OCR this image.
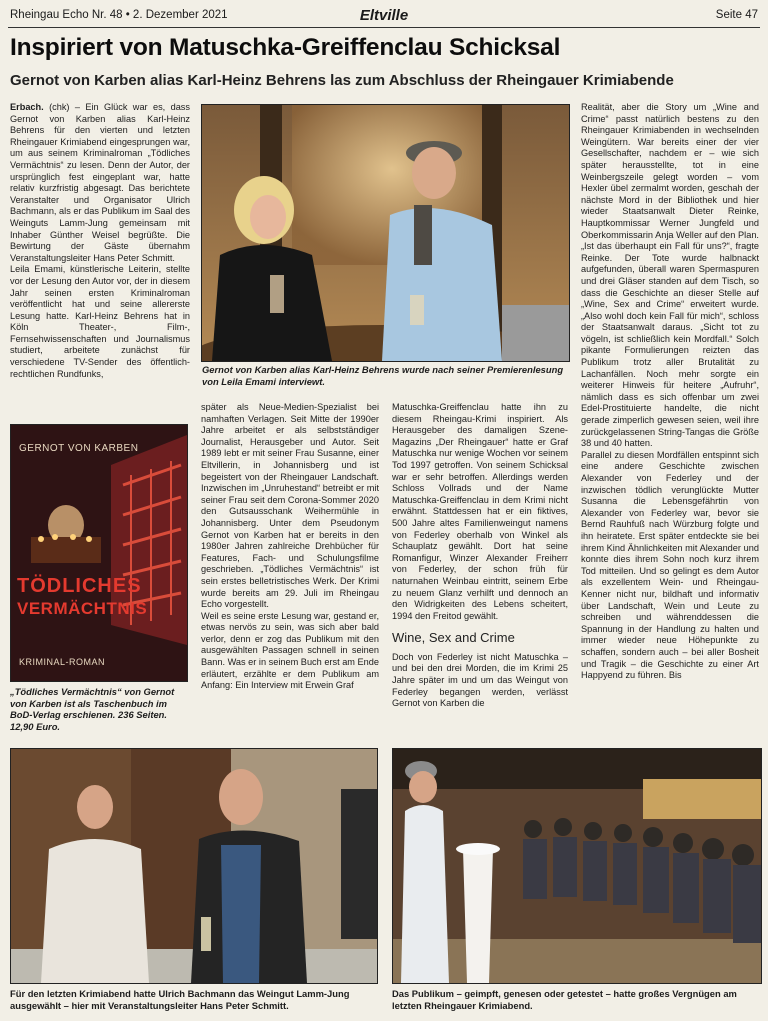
Rheingau Echo Nr. 48 • 2. Dezember 2021	Eltville	Seite 47
Inspiriert von Matuschka-Greiffenclau Schicksal
Gernot von Karben alias Karl-Heinz Behrens las zum Abschluss der Rheingauer Krimiabende

Erbach. (chk) – Ein Glück war es, dass Gernot von Karben alias Karl-Heinz Behrens für den vierten und letzten Rheingauer Krimiabend eingesprungen war, um aus seinem Kriminalroman „Tödliches Vermächtnis“ zu lesen. Denn der Autor, der ursprünglich fest eingeplant war, hatte relativ kurzfristig abgesagt. Das berichtete Veranstalter und Organisator Ulrich Bachmann, als er das Publikum im Saal des Weinguts Lamm-Jung gemeinsam mit Inhaber Günther Weisel begrüßte. Die Bewirtung der Gäste übernahm Veranstaltungsleiter Hans Peter Schmitt.

Leila Emami, künstlerische Leiterin, stellte vor der Lesung den Autor vor, der in diesem Jahr seinen ersten Kriminalroman veröffentlicht hat und seine allererste Lesung hatte. Karl-Heinz Behrens hat in Köln Theater-, Film-, Fernsehwissenschaften und Journalismus studiert, arbeitete zunächst für verschiedene TV-Sender des öffentlich-rechtlichen Rundfunks,	Gernot von Karben alias Karl-Heinz Behrens wurde nach seiner Premierenlesung von Leila Emami interviewt.
GERNOT VON KARBEN
TÖDLICHES
VERMÄCHTNIS
KRIMINAL-ROMAN
„Tödliches Vermächtnis“ von Gernot von Karben ist als Taschenbuch im BoD-Verlag erschienen. 236 Seiten. 12,90 Euro.

später als Neue-Medien-Spezialist bei namhaften Verlagen. Seit Mitte der 1990er Jahre arbeitet er als selbstständiger Journalist, Herausgeber und Autor. Seit 1989 lebt er mit seiner Frau Susanne, einer Eltvillerin, in Johannisberg und ist begeistert von der Rheingauer Landschaft. Inzwischen im „Unruhestand“ betreibt er mit seiner Frau seit dem Corona-Sommer 2020 den Gutsausschank Weihermühle in Johannisberg. Unter dem Pseudonym Gernot von Karben hat er bereits in den 1980er Jahren zahlreiche Drehbücher für Features, Fach- und Schulungsfilme geschrieben. „Tödliches Vermächtnis“ ist sein erstes belletristisches Werk. Der Krimi wurde bereits am 29. Juli im Rheingau Echo vorgestellt.

Weil es seine erste Lesung war, gestand er, etwas nervös zu sein, was sich aber bald verlor, denn er zog das Publikum mit den ausgewählten Passagen schnell in seinen Bann. Was er in seinem Buch erst am Ende erläutert, erzählte er dem Publikum am Anfang: Ein Interview mit Erwein Graf

Matuschka-Greiffenclau hatte ihn zu diesem Rheingau-Krimi inspiriert. Als Herausgeber des damaligen Szene-Magazins „Der Rheingauer“ hatte er Graf Matuschka nur wenige Wochen vor seinem Tod 1997 getroffen. Von seinem Schicksal war er sehr betroffen. Allerdings werden Schloss Vollrads und der Name Matuschka-Greiffenclau in dem Krimi nicht erwähnt. Stattdessen hat er ein fiktives, 500 Jahre altes Familienweingut namens von Federley oberhalb von Winkel als Schauplatz gewählt. Dort hat seine Romanfigur, Winzer Alexander Freiherr von Federley, der schon früh für naturnahen Weinbau eintritt, seinem Erbe zu neuem Glanz verhilft und dennoch an den Widrigkeiten des Lebens scheitert, 1994 den Freitod gewählt.

Wine, Sex and Crime

Doch von Federley ist nicht Matuschka – und bei den drei Morden, die im Krimi 25 Jahre später im und um das Weingut von Federley begangen werden, verlässt Gernot von Karben die

Realität, aber die Story um „Wine and Crime“ passt natürlich bestens zu den Rheingauer Krimiabenden in wechselnden Weingütern. War bereits einer der vier Gesellschafter, nachdem er – wie sich später herausstellte, tot in eine Weinbergszeile gelegt worden – vom Hexler übel zermalmt worden, geschah der nächste Mord in der Bibliothek und hier wieder Staatsanwalt Dieter Reinke, Hauptkommissar Werner Jungfeld und Oberkommissarin Anja Weller auf den Plan. „Ist das überhaupt ein Fall für uns?“, fragte Reinke. Der Tote wurde halbnackt aufgefunden, überall waren Spermaspuren und drei Gläser standen auf dem Tisch, so dass die Geschichte an dieser Stelle auf „Wine, Sex and Crime“ erweitert wurde. „Also wohl doch kein Fall für mich“, schloss der Staatsanwalt daraus. „Sicht tot zu vögeln, ist schließlich kein Mordfall.“ Solch pikante Formulierungen reizten das Publikum trotz aller Brutalität zu Lachanfällen. Noch mehr sorgte ein weiterer Hinweis für heitere „Aufruhr“, nämlich dass es sich offenbar um zwei Edel-Prostituierte handelte, die nicht gerade zimperlich gewesen seien, weil ihre zurückgelassenen String-Tangas die Größe 38 und 40 hatten.

Parallel zu diesen Mordfällen entspinnt sich eine andere Geschichte zwischen Alexander von Federley und der inzwischen tödlich verunglückte Mutter Susanna die Lebensgefährtin von Alexander von Federley war, bevor sie Bernd Rauhfuß nach Würzburg folgte und ihn heiratete. Erst später entdeckte sie bei ihrem Kind Ähnlichkeiten mit Alexander und konnte dies ihrem Sohn noch kurz ihrem Tod mitteilen. Und so gelingt es dem Autor als exzellentem Wein- und Rheingau-Kenner nicht nur, bildhaft und informativ über Landschaft, Wein und Leute zu schreiben und währenddessen die Spannung in der Handlung zu halten und immer wieder neue Höhepunkte zu schaffen, sondern auch – bei aller Bosheit und Tragik – die Geschichte zu einer Art Happyend zu führen. Bis

Für den letzten Krimiabend hatte Ulrich Bachmann das Weingut Lamm-Jung ausgewählt – hier mit Veranstaltungsleiter Hans Peter Schmitt.
Das Publikum – geimpft, genesen oder getestet – hatte großes Vergnügen am letzten Rheingauer Krimiabend.
